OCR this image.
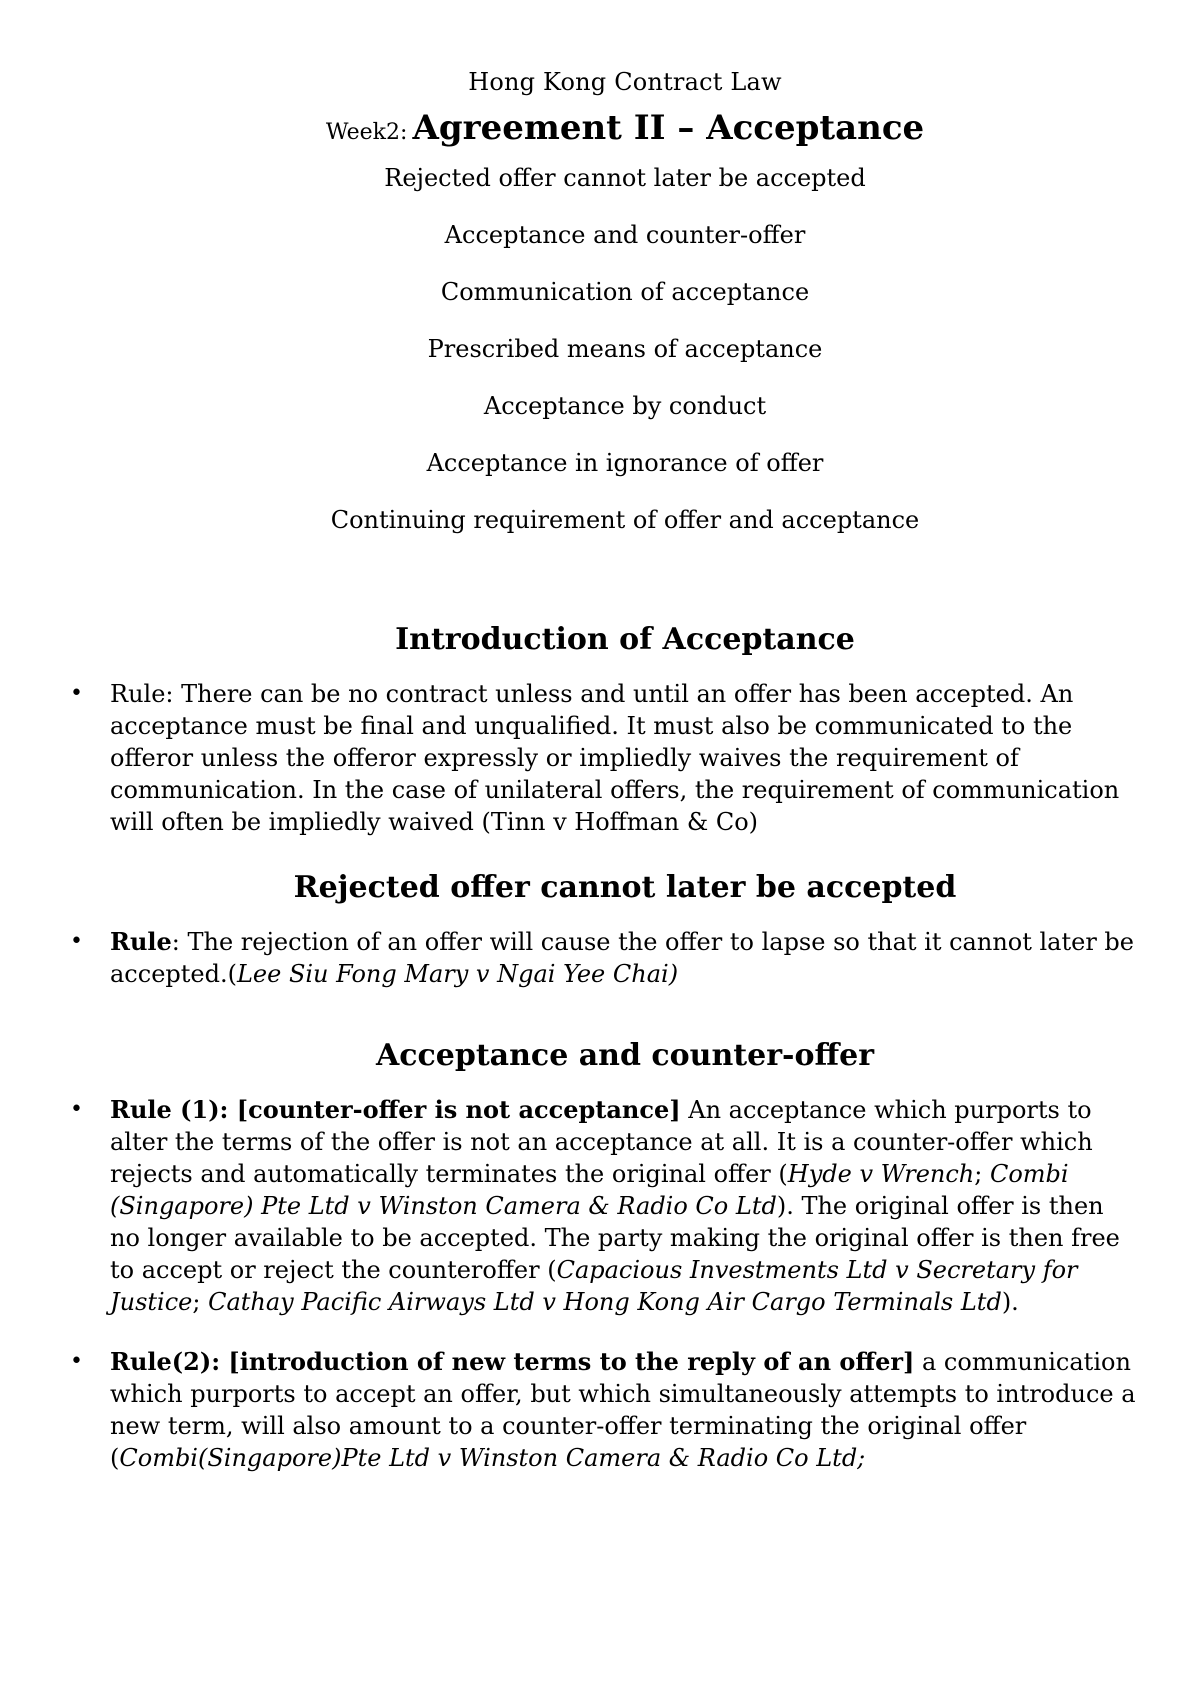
Hong Kong Contract Law
Week2: Agreement II – Acceptance
Rejected offer cannot later be accepted
Acceptance and counter-offer
Communication of acceptance
Prescribed means of acceptance
Acceptance by conduct
Acceptance in ignorance of offer
Continuing requirement of offer and acceptance
Introduction of Acceptance
• Rule: There can be no contract unless and until an offer has been accepted. An acceptance must be final and unqualified. It must also be communicated to the offeror unless the offeror expressly or impliedly waives the requirement of communication. In the case of unilateral offers, the requirement of communication will often be impliedly waived (Tinn v Hoffman & Co)
Rejected offer cannot later be accepted
• Rule: The rejection of an offer will cause the offer to lapse so that it cannot later be accepted.(Lee Siu Fong Mary v Ngai Yee Chai)
Acceptance and counter-offer
• Rule (1): [counter-offer is not acceptance] An acceptance which purports to alter the terms of the offer is not an acceptance at all. It is a counter-offer which rejects and automatically terminates the original offer (Hyde v Wrench; Combi (Singapore) Pte Ltd v Winston Camera & Radio Co Ltd). The original offer is then no longer available to be accepted. The party making the original offer is then free to accept or reject the counteroffer (Capacious Investments Ltd v Secretary for Justice; Cathay Pacific Airways Ltd v Hong Kong Air Cargo Terminals Ltd).
• Rule(2): [introduction of new terms to the reply of an offer] a communication which purports to accept an offer, but which simultaneously attempts to introduce a new term, will also amount to a counter-offer terminating the original offer (Combi(Singapore)Pte Ltd v Winston Camera & Radio Co Ltd;
